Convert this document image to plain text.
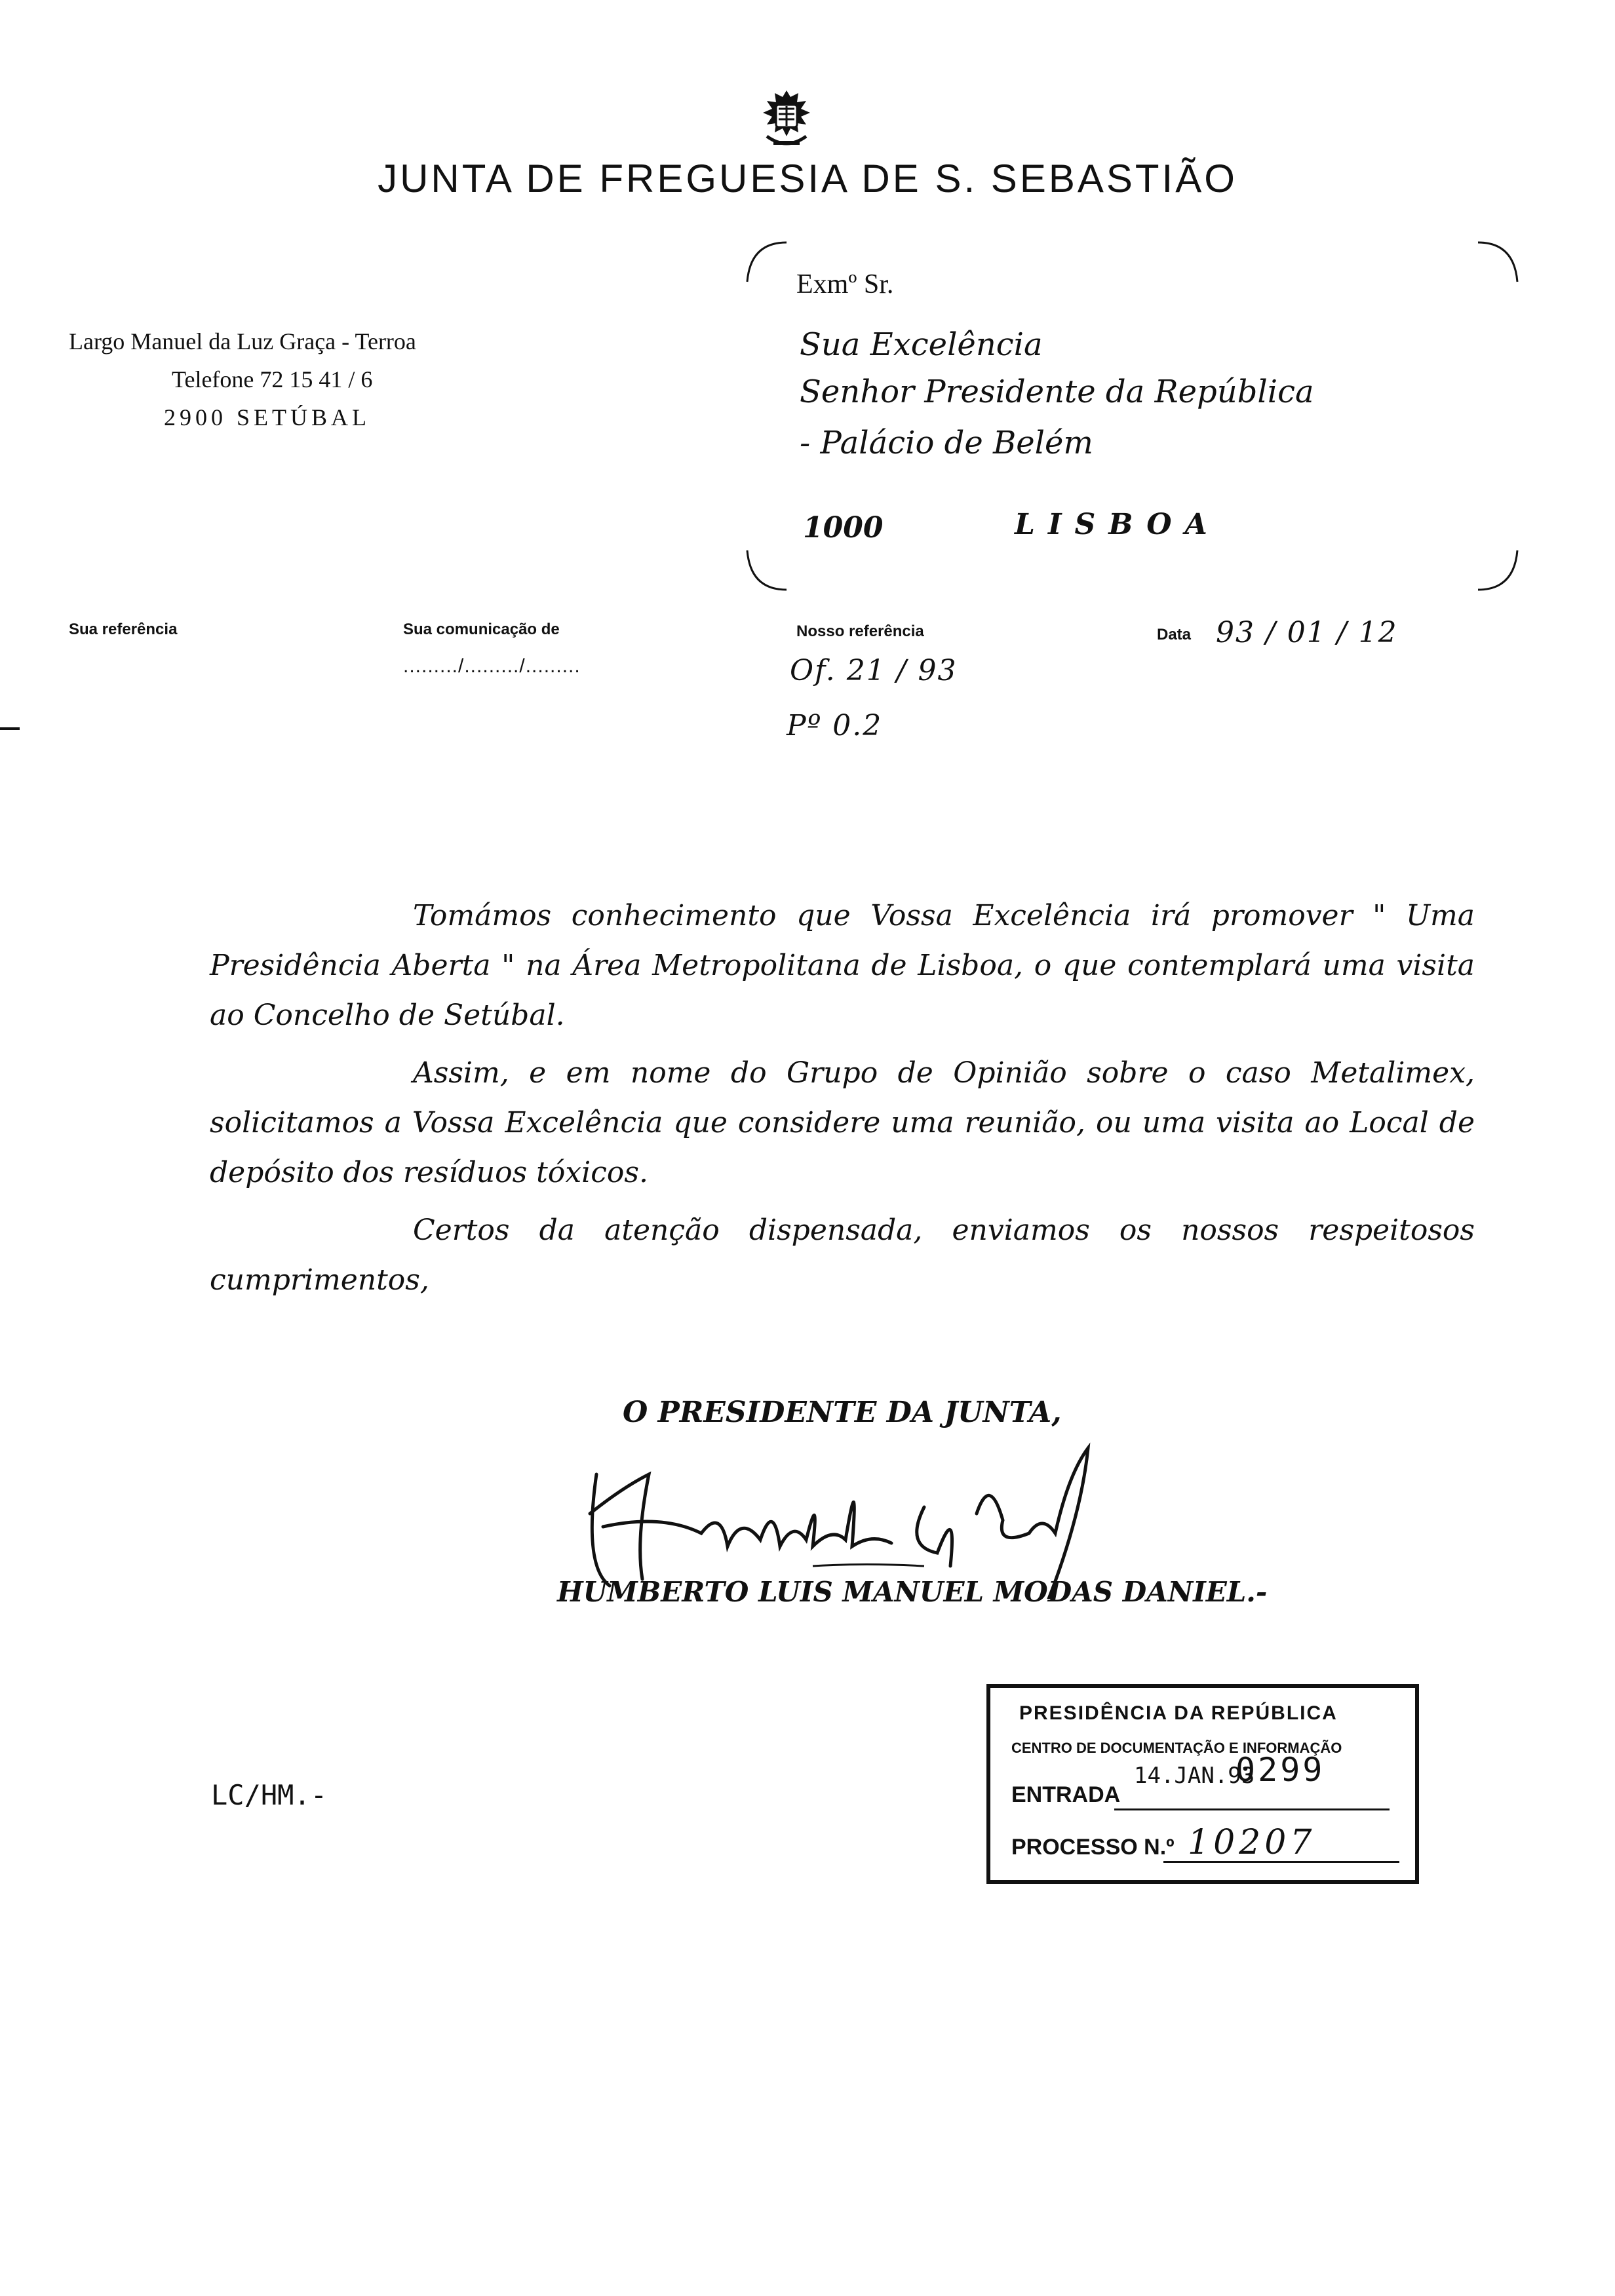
JUNTA DE FREGUESIA DE S. SEBASTIÃO
Largo Manuel da Luz Graça - Terroa
Telefone 72 15 41 / 6
2900 SETÚBAL
Exmº Sr.
Sua Excelência
Senhor Presidente da República
- Palácio de Belém
1000	LISBOA
Sua referência	Sua comunicação de
........./........./.........
Nosso referência	Data 93 / 01 / 12
Of. 21 / 93
Pº 0.2

Tomámos conhecimento que Vossa Excelência irá promover " Uma Presidência Aberta " na Área Metropolitana de Lisboa, o que contemplará uma visita ao Concelho de Setúbal.

Assim, e em nome do Grupo de Opinião sobre o caso Metalimex, solicitamos a Vossa Excelência que considere uma reunião, ou uma visita ao Local de depósito dos resíduos tóxicos.

Certos da atenção dispensada, enviamos os nossos respeitosos cumprimentos,

O PRESIDENTE DA JUNTA,
HUMBERTO LUIS MANUEL MODAS DANIEL.-
LC/HM.-
PRESIDÊNCIA DA REPÚBLICA
CENTRO DE DOCUMENTAÇÃO E INFORMAÇÃO
ENTRADA
14.JAN.93
0299
PROCESSO N.º 10207
